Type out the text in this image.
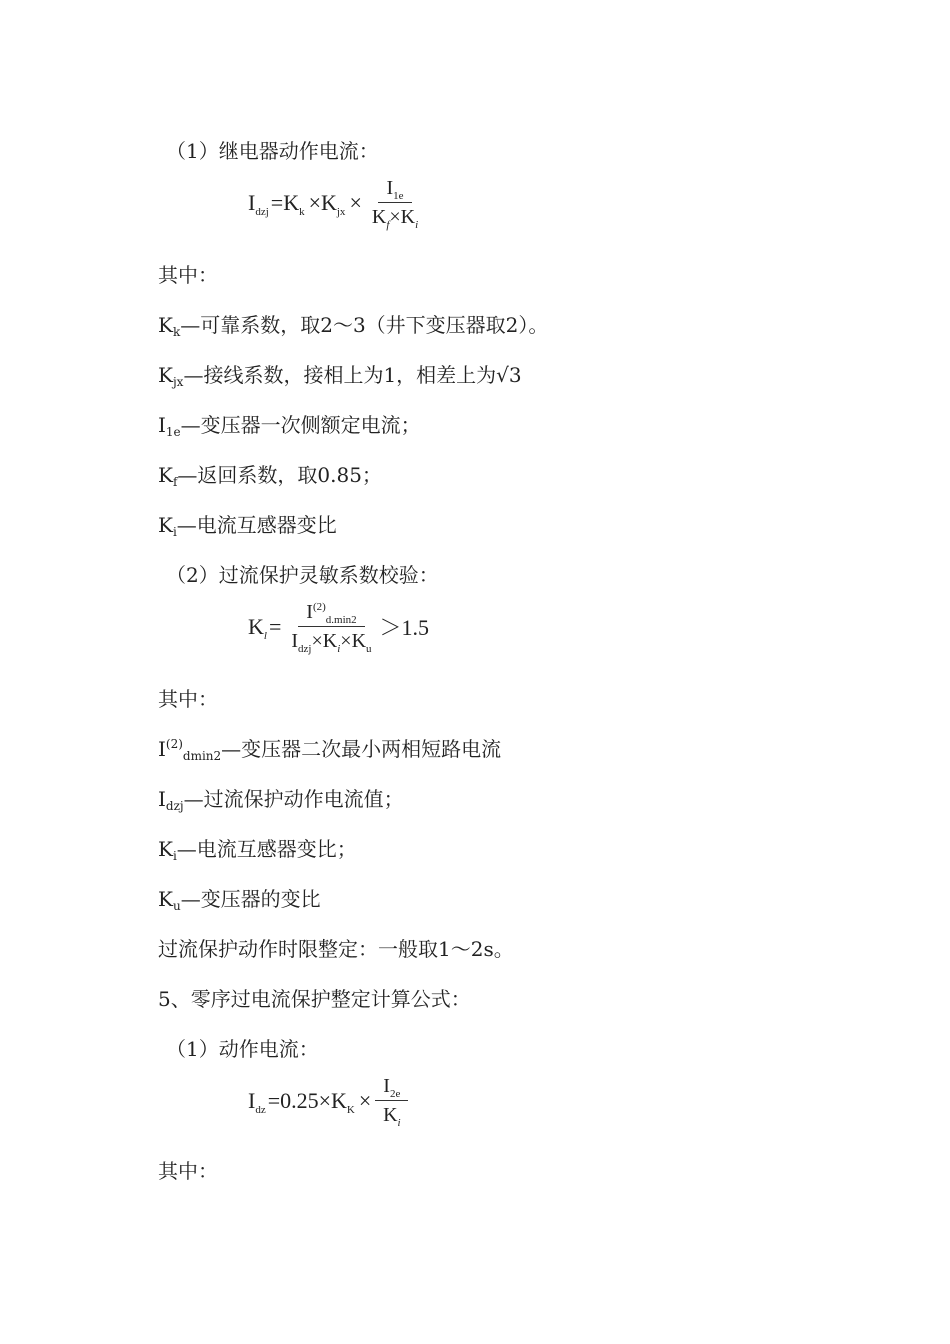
（1）继电器动作电流：
$I_{dzj} =K_k \times K_{jx} \times \frac{I_{1e}}{K_f\times K_i}$
其中：
$K_k—$可靠系数，取2～3（井下变压器取2）。
$K_{jx}—$接线系数，接相上为1，相差上为√3
$I_{1e}—$变压器一次侧额定电流；
$K_f—$返回系数，取0.85；
$K_i—$电流互感器变比
（2）过流保护灵敏系数校验：
$K_l = \frac{I^{(2)}_{d.min2}}{I_{dzj}\times K_i\times K_u} >1.5$
其中：
$I^{(2)}_{dmin2}—$变压器二次最小两相短路电流
$I_{dzj}—$过流保护动作电流值；
$K_i—$电流互感器变比；
$K_u—$变压器的变比
过流保护动作时限整定：一般取1～2s。
5、零序过电流保护整定计算公式：
（1）动作电流：
$I_{dz} =0.25\times K_K \times \frac{I_{2e}}{K_i}$
其中：
